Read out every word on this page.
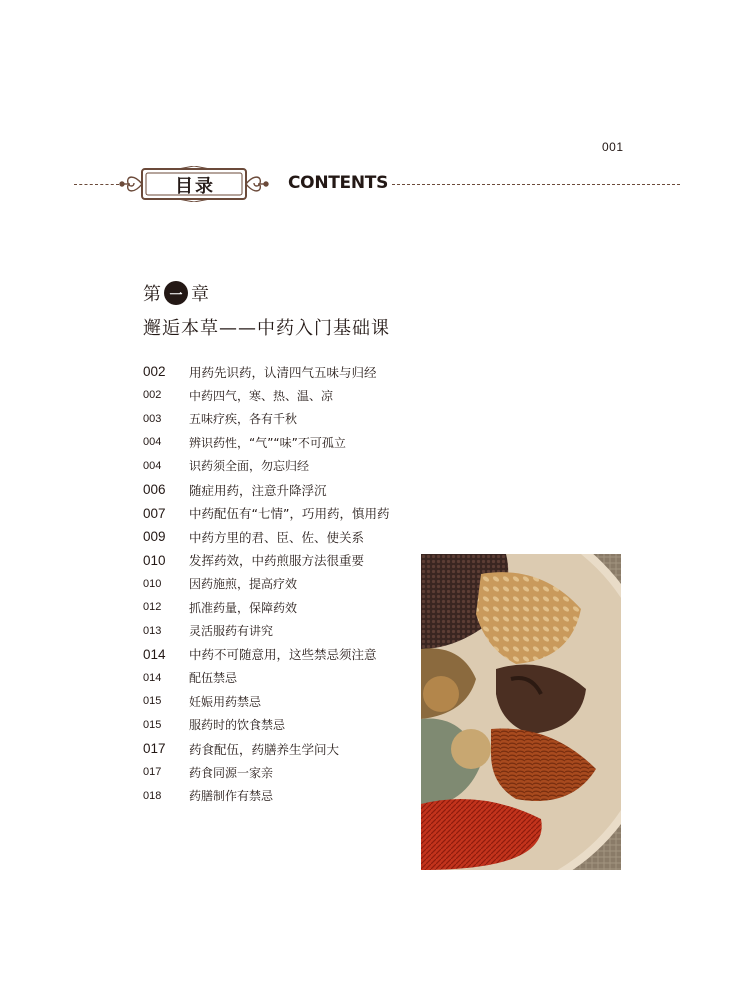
001
目录	CONTENTS
第 一 章
邂逅本草——中药入门基础课
002	用药先识药，认清四气五味与归经
002	中药四气，寒、热、温、凉
003	五味疗疾，各有千秋
004	辨识药性，“气”“味”不可孤立
004	识药须全面，勿忘归经
006	随症用药，注意升降浮沉
007	中药配伍有“七情”，巧用药，慎用药
009	中药方里的君、臣、佐、使关系
010	发挥药效，中药煎服方法很重要
010	因药施煎，提高疗效
012	抓准药量，保障药效
013	灵活服药有讲究
014	中药不可随意用，这些禁忌须注意
014	配伍禁忌
015	妊娠用药禁忌
015	服药时的饮食禁忌
017	药食配伍，药膳养生学问大
017	药食同源一家亲
018	药膳制作有禁忌
